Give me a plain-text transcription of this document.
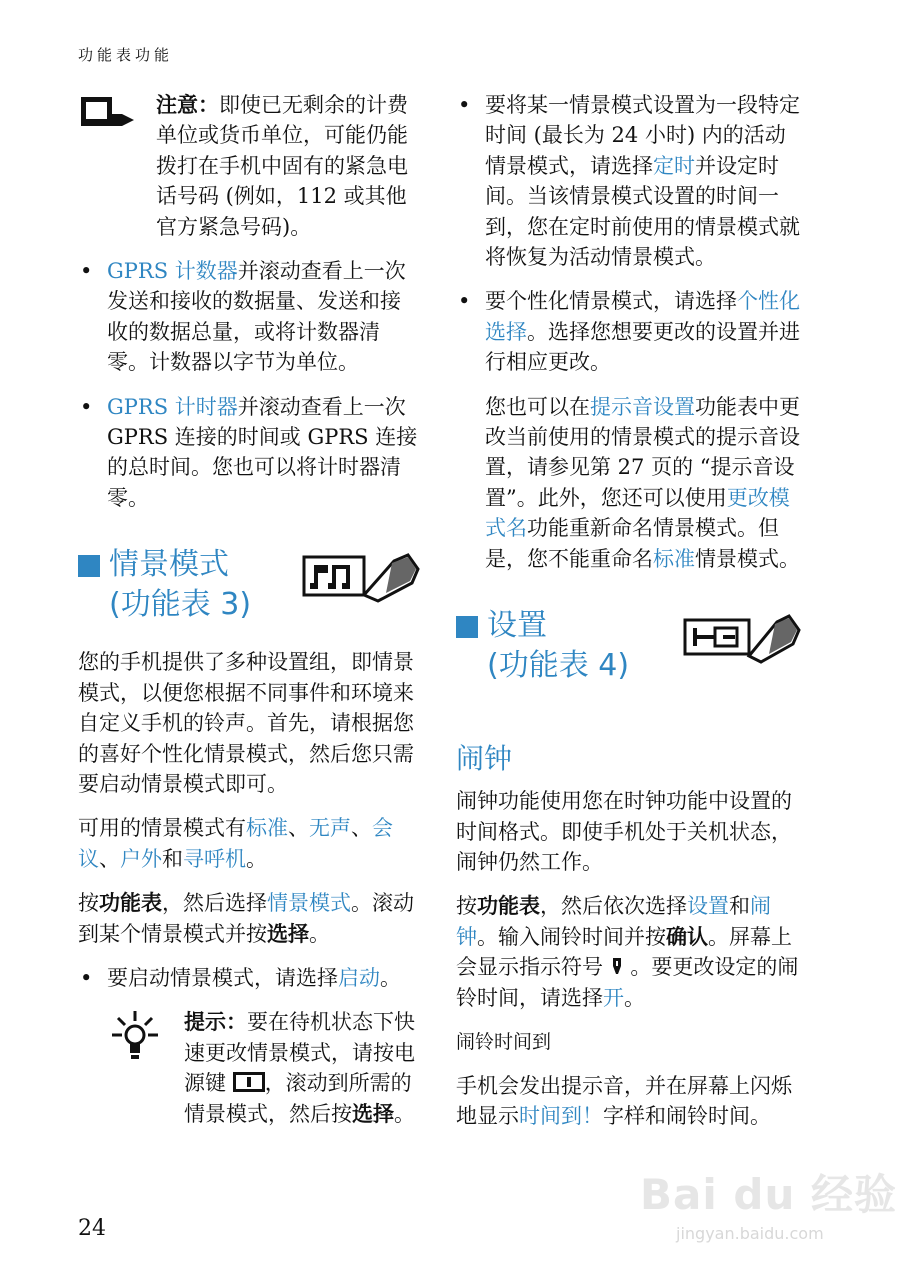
功能表功能

注意：即使已无剩余的计费单位或货币单位，可能仍能拨打在手机中固有的紧急电话号码 (例如，112 或其他官方紧急号码)。

• GPRS 计数器并滚动查看上一次发送和接收的数据量、发送和接收的数据总量，或将计数器清零。计数器以字节为单位。

• GPRS 计时器并滚动查看上一次 GPRS 连接的时间或 GPRS 连接的总时间。您也可以将计时器清零。

情景模式
(功能表 3)

您的手机提供了多种设置组，即情景模式，以便您根据不同事件和环境来自定义手机的铃声。首先，请根据您的喜好个性化情景模式，然后您只需要启动情景模式即可。

可用的情景模式有标准、无声、会议、户外和寻呼机。

按功能表，然后选择情景模式。滚动到某个情景模式并按选择。

• 要启动情景模式，请选择启动。

提示：要在待机状态下快速更改情景模式，请按电源键 ，滚动到所需的情景模式，然后按选择。

• 要将某一情景模式设置为一段特定时间 (最长为 24 小时) 内的活动情景模式，请选择定时并设定时间。当该情景模式设置的时间一到，您在定时前使用的情景模式就将恢复为活动情景模式。

• 要个性化情景模式，请选择个性化选择。选择您想要更改的设置并进行相应更改。

您也可以在提示音设置功能表中更改当前使用的情景模式的提示音设置，请参见第 27 页的 “提示音设置”。此外，您还可以使用更改模式名功能重新命名情景模式。但是，您不能重命名标准情景模式。

设置
(功能表 4)
闹钟

闹钟功能使用您在时钟功能中设置的时间格式。即使手机处于关机状态，闹钟仍然工作。

按功能表，然后依次选择设置和闹钟。输入闹铃时间并按确认。屏幕上会显示指示符号 。要更改设定的闹铃时间，请选择开。

闹铃时间到

手机会发出提示音，并在屏幕上闪烁地显示时间到！字样和闹铃时间。

24
Bai du 经验
jingyan.baidu.com
